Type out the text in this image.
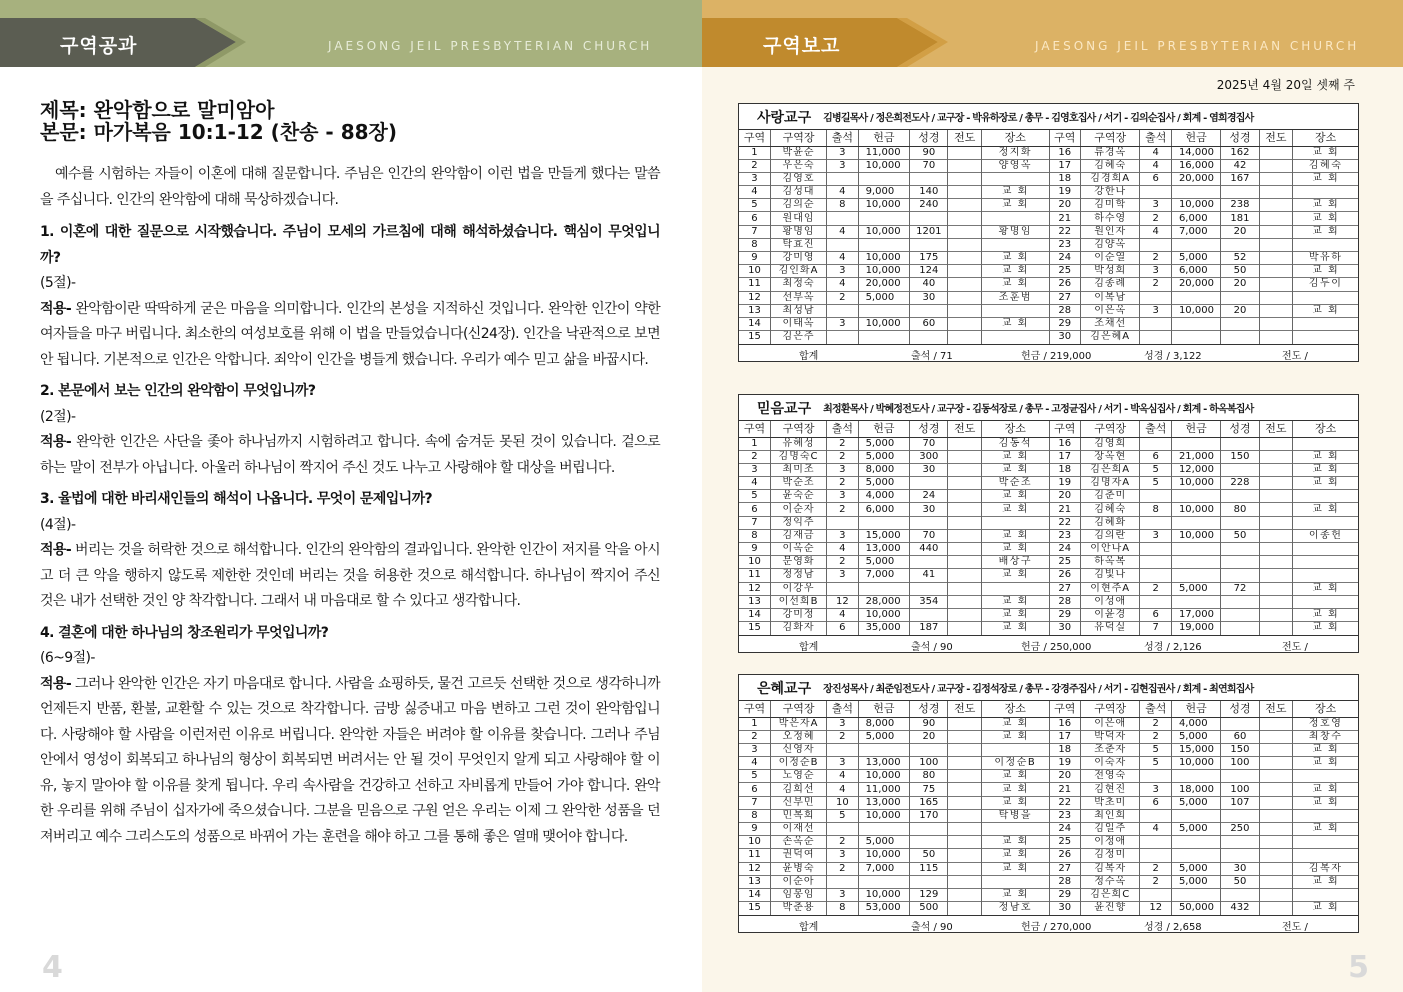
구역공과	JAESONG JEIL PRESBYTERIAN CHURCH
제목: 완악함으로 말미암아
본문: 마가복음 10:1-12 (찬송 - 88장)

예수를 시험하는 자들이 이혼에 대해 질문합니다. 주님은 인간의 완악함이 이런 법을 만들게 했다는 말씀을 주십니다. 인간의 완악함에 대해 묵상하겠습니다.

1. 이혼에 대한 질문으로 시작했습니다. 주님이 모세의 가르침에 대해 해석하셨습니다. 핵심이 무엇입니까?

(5절)-

적용- 완악함이란 딱딱하게 굳은 마음을 의미합니다. 인간의 본성을 지적하신 것입니다. 완악한 인간이 약한 여자들을 마구 버립니다. 최소한의 여성보호를 위해 이 법을 만들었습니다(신24장). 인간을 낙관적으로 보면 안 됩니다. 기본적으로 인간은 악합니다. 죄악이 인간을 병들게 했습니다. 우리가 예수 믿고 삶을 바꿉시다.

2. 본문에서 보는 인간의 완악함이 무엇입니까?

(2절)-

적용- 완악한 인간은 사단을 좇아 하나님까지 시험하려고 합니다. 속에 숨겨둔 못된 것이 있습니다. 겉으로 하는 말이 전부가 아닙니다. 아울러 하나님이 짝지어 주신 것도 나누고 사랑해야 할 대상을 버립니다.

3. 율법에 대한 바리새인들의 해석이 나옵니다. 무엇이 문제입니까?

(4절)-

적용- 버리는 것을 허락한 것으로 해석합니다. 인간의 완악함의 결과입니다. 완악한 인간이 저지를 악을 아시고 더 큰 악을 행하지 않도록 제한한 것인데 버리는 것을 허용한 것으로 해석합니다. 하나님이 짝지어 주신 것은 내가 선택한 것인 양 착각합니다. 그래서 내 마음대로 할 수 있다고 생각합니다.

4. 결혼에 대한 하나님의 창조원리가 무엇입니까?

(6~9절)-

적용- 그러나 완악한 인간은 자기 마음대로 합니다. 사람을 쇼핑하듯, 물건 고르듯 선택한 것으로 생각하니까 언제든지 반품, 환불, 교환할 수 있는 것으로 착각합니다. 금방 싫증내고 마음 변하고 그런 것이 완악함입니다. 사랑해야 할 사람을 이런저런 이유로 버립니다. 완악한 자들은 버려야 할 이유를 찾습니다. 그러나 주님 안에서 영성이 회복되고 하나님의 형상이 회복되면 버려서는 안 될 것이 무엇인지 알게 되고 사랑해야 할 이유, 놓지 말아야 할 이유를 찾게 됩니다. 우리 속사람을 건강하고 선하고 자비롭게 만들어 가야 합니다. 완악한 우리를 위해 주님이 십자가에 죽으셨습니다. 그분을 믿음으로 구원 얻은 우리는 이제 그 완악한 성품을 던져버리고 예수 그리스도의 성품으로 바뀌어 가는 훈련을 해야 하고 그를 통해 좋은 열매 맺어야 합니다.

4
구역보고	JAESONG JEIL PRESBYTERIAN CHURCH
2025년 4월 20일 셋째 주
사랑교구 김병길목사 / 정은희전도사 / 교구장 - 박유하장로 / 총무 - 김영호집사 / 서기 - 김의순집사 / 회계 - 염희경집사
구역	구역장	출석	헌금	성경	전도	장소	구역	구역장	출석	헌금	성경	전도	장소
1	박윤순	3	11,000	90		정지화	16	류경옥	4	14,000	162		교 회
2	우은숙	3	10,000	70		양영옥	17	김혜숙	4	16,000	42		김혜숙
3	김영호						18	김경희A	6	20,000	167		교 회
4	김성대	4	9,000	140		교 회	19	강한나					
5	김의순	8	10,000	240		교 회	20	김미학	3	10,000	238		교 회
6	원대임						21	하수영	2	6,000	181		교 회
7	황명임	4	10,000	1201		황명임	22	원인자	4	7,000	20		교 회
8	탁효진						23	김양옥					
9	강미영	4	10,000	175		교 회	24	이순열	2	5,000	52		박유하
10	김인화A	3	10,000	124		교 회	25	박성희	3	6,000	50		교 회
11	최정숙	4	20,000	40		교 회	26	김종례	2	20,000	20		김두이
12	선부옥	2	5,000	30		조훈범	27	이복남					
13	최성남						28	이은옥	3	10,000	20		교 회
14	이태옥	3	10,000	60		교 회	29	조채선					
15	김은주						30	김은혜A					
합계	출석 / 71	헌금 / 219,000	성경 / 3,122	전도 /
믿음교구 최정환목사 / 박혜정전도사 / 교구장 - 김동석장로 / 총무 - 고정균집사 / 서기 - 박옥심집사 / 회계 - 하옥복집사
구역	구역장	출석	헌금	성경	전도	장소	구역	구역장	출석	헌금	성경	전도	장소
1	유혜성	2	5,000	70		김동석	16	김영희					
2	김명숙C	2	5,000	300		교 회	17	장옥현	6	21,000	150		교 회
3	최미조	3	8,000	30		교 회	18	김은희A	5	12,000			교 회
4	박순조	2	5,000			박순조	19	김명자A	5	10,000	228		교 회
5	윤숙순	3	4,000	24		교 회	20	김춘미					
6	이순자	2	6,000	30		교 회	21	김혜숙	8	10,000	80		교 회
7	정익주						22	김혜화					
8	김재금	3	15,000	70		교 회	23	김의란	3	10,000	50		이종헌
9	이옥순	4	13,000	440		교 회	24	이안나A					
10	문영화	2	5,000			배상구	25	하옥복					
11	정정남	3	7,000	41		교 회	26	김빛나					
12	이강우						27	이현주A	2	5,000	72		교 회
13	이선희B	12	28,000	354		교 회	28	이성애					
14	강미정	4	10,000			교 회	29	이윤경	6	17,000			교 회
15	김화자	6	35,000	187		교 회	30	유덕실	7	19,000			교 회
합계	출석 / 90	헌금 / 250,000	성경 / 2,126	전도 /
은혜교구 장진성목사 / 최준임전도사 / 교구장 - 김정석장로 / 총무 - 강경주집사 / 서기 - 김현집권사 / 회계 - 최연희집사
구역	구역장	출석	헌금	성경	전도	장소	구역	구역장	출석	헌금	성경	전도	장소
1	박은자A	3	8,000	90		교 회	16	이은애	2	4,000			정호영
2	오정혜	2	5,000	20		교 회	17	박덕자	2	5,000	60		최창수
3	신영자						18	조춘자	5	15,000	150		교 회
4	이정순B	3	13,000	100		이정순B	19	이숙자	5	10,000	100		교 회
5	노영순	4	10,000	80		교 회	20	전영숙					
6	김희선	4	11,000	75		교 회	21	김현진	3	18,000	100		교 회
7	신부민	10	13,000	165		교 회	22	박초미	6	5,000	107		교 회
8	민복희	5	10,000	170		탁병을	23	최인희					
9	이재선						24	김일주	4	5,000	250		교 회
10	손옥순	2	5,000			교 회	25	이정애					
11	권덕여	3	10,000	50		교 회	26	김정미					
12	윤병숙	2	7,000	115		교 회	27	김복자	2	5,000	30		김복자
13	이순아						28	정수옥	2	5,000	50		교 회
14	임봉임	3	10,000	129		교 회	29	김은희C					
15	박춘용	8	53,000	500		정남호	30	윤진향	12	50,000	432		교 회
합계	출석 / 90	헌금 / 270,000	성경 / 2,658	전도 /
5
